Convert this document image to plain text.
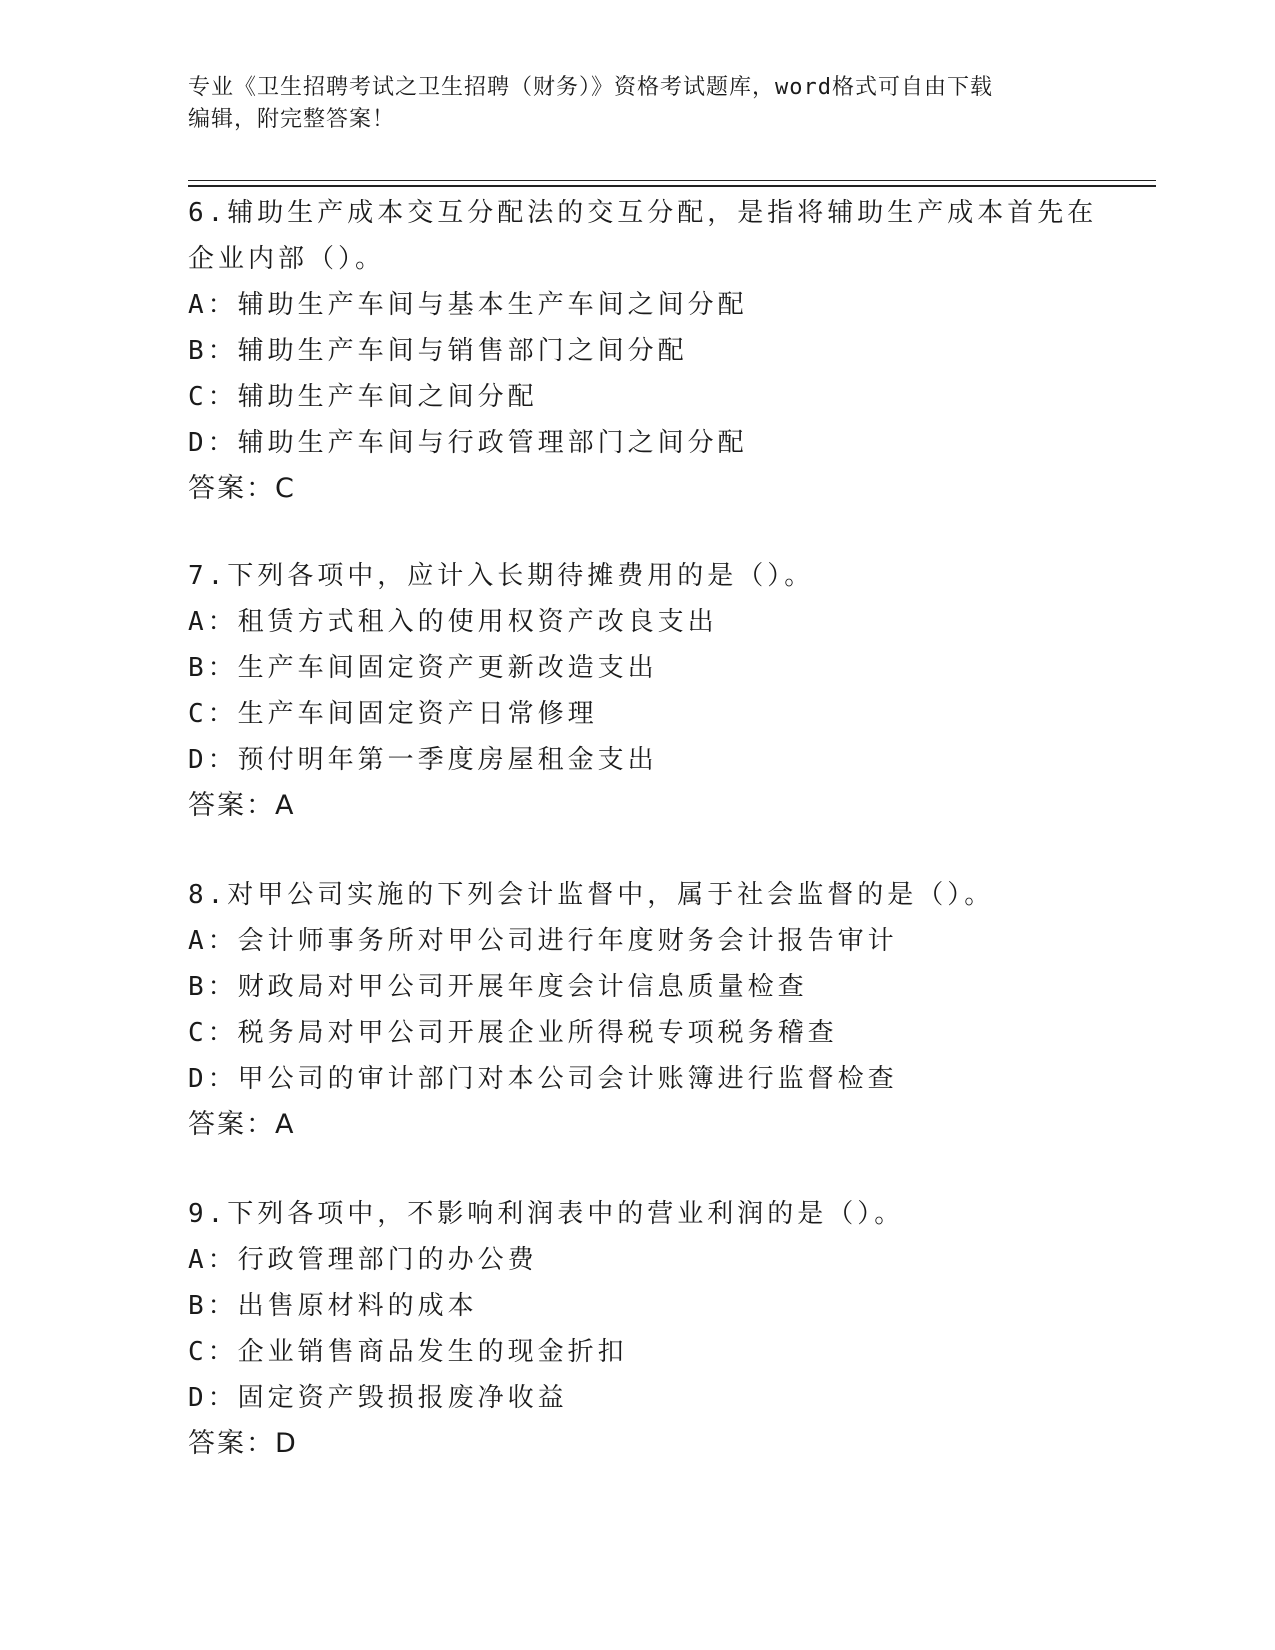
专业《卫生招聘考试之卫生招聘（财务）》资格考试题库，word格式可自由下载
编辑，附完整答案！
6.辅助生产成本交互分配法的交互分配，是指将辅助生产成本首先在
企业内部（）。
A：辅助生产车间与基本生产车间之间分配
B：辅助生产车间与销售部门之间分配
C：辅助生产车间之间分配
D：辅助生产车间与行政管理部门之间分配
答案：C
7.下列各项中，应计入长期待摊费用的是（）。
A：租赁方式租入的使用权资产改良支出
B：生产车间固定资产更新改造支出
C：生产车间固定资产日常修理
D：预付明年第一季度房屋租金支出
答案：A
8.对甲公司实施的下列会计监督中，属于社会监督的是（）。
A：会计师事务所对甲公司进行年度财务会计报告审计
B：财政局对甲公司开展年度会计信息质量检查
C：税务局对甲公司开展企业所得税专项税务稽查
D：甲公司的审计部门对本公司会计账簿进行监督检查
答案：A
9.下列各项中，不影响利润表中的营业利润的是（）。
A：行政管理部门的办公费
B：出售原材料的成本
C：企业销售商品发生的现金折扣
D：固定资产毁损报废净收益
答案：D
